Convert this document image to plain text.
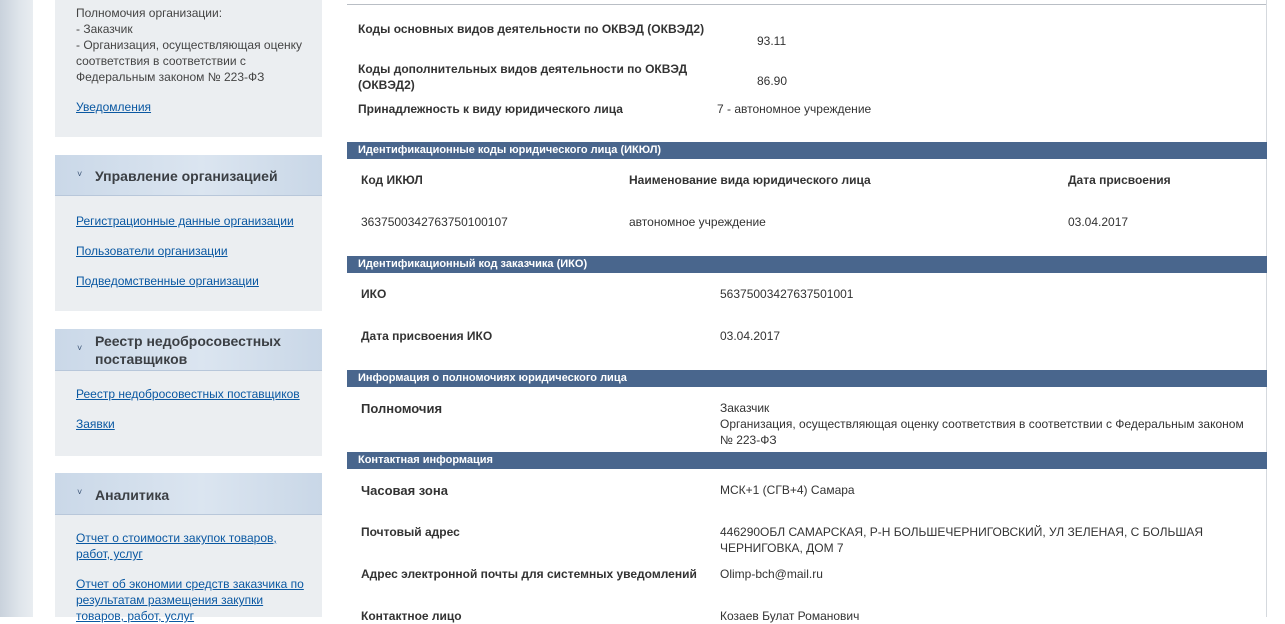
Полномочия организации:
- Заказчик
- Организация, осуществляющая оценку
соответствия в соответствии с
Федеральным законом № 223-ФЗ
Уведомления
˅ Управление организацией
Регистрационные данные организации
Пользователи организации
Подведомственные организации
˅ Реестр недобросовестных
поставщиков
Реестр недобросовестных поставщиков
Заявки
˅ Аналитика
Отчет о стоимости закупок товаров,
работ, услуг
Отчет об экономии средств заказчика по
результатам размещения закупки
товаров, работ, услуг
Коды основных видов деятельности по ОКВЭД (ОКВЭД2)
93.11
Коды дополнительных видов деятельности по ОКВЭД
(ОКВЭД2)	86.90
Принадлежность к виду юридического лица	7 - автономное учреждение
Идентификационные коды юридического лица (ИКЮЛ)
Код ИКЮЛ	Наименование вида юридического лица	Дата присвоения
363750034276375010010​7	автономное учреждение	03.04.2017
Идентификационный код заказчика (ИКО)
ИКО	563750034276375010​01
Дата присвоения ИКО	03.04.2017
Информация о полномочиях юридического лица
Полномочия	Заказчик
Организация, осуществляющая оценку соответствия в соответствии с Федеральным законом
№ 223-ФЗ
Контактная информация
Часовая зона	МСК+1 (СГВ+4) Самара
Почтовый адрес	446290ОБЛ САМАРСКАЯ, Р-Н БОЛЬШЕЧЕРНИГОВСКИЙ, УЛ ЗЕЛЕНАЯ, С БОЛЬШАЯ
ЧЕРНИГОВКА, ДОМ 7
Адрес электронной почты для системных уведомлений Olimp-bch@mail.ru
Контактное лицо	Козаев Булат Романович
